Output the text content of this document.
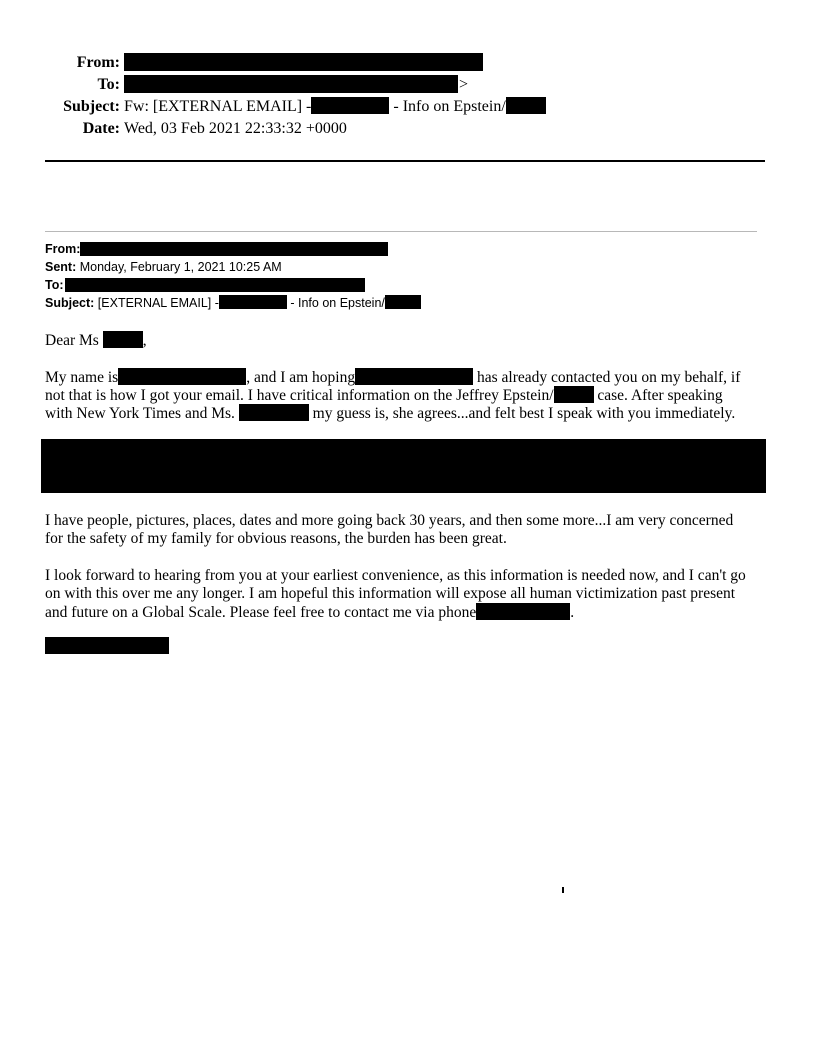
From:
To:	>
Subject: Fw: [EXTERNAL EMAIL] -	- Info on Epstein/
Date: Wed, 03 Feb 2021 22:33:32 +0000
From:
Sent: Monday, February 1, 2021 10:25 AM
To:
Subject: [EXTERNAL EMAIL] -	- Info on Epstein/
Dear Ms	,
My name is	, and I am hoping	has already contacted you on my behalf, if
not that is how I got your email. I have critical information on the Jeffrey Epstein/	case. After speaking
with New York Times and Ms.	my guess is, she agrees...and felt best I speak with you immediately.
I have people, pictures, places, dates and more going back 30 years, and then some more...I am very concerned
for the safety of my family for obvious reasons, the burden has been great.
I look forward to hearing from you at your earliest convenience, as this information is needed now, and I can't go
on with this over me any longer. I am hopeful this information will expose all human victimization past present
and future on a Global Scale. Please feel free to contact me via phone	.
